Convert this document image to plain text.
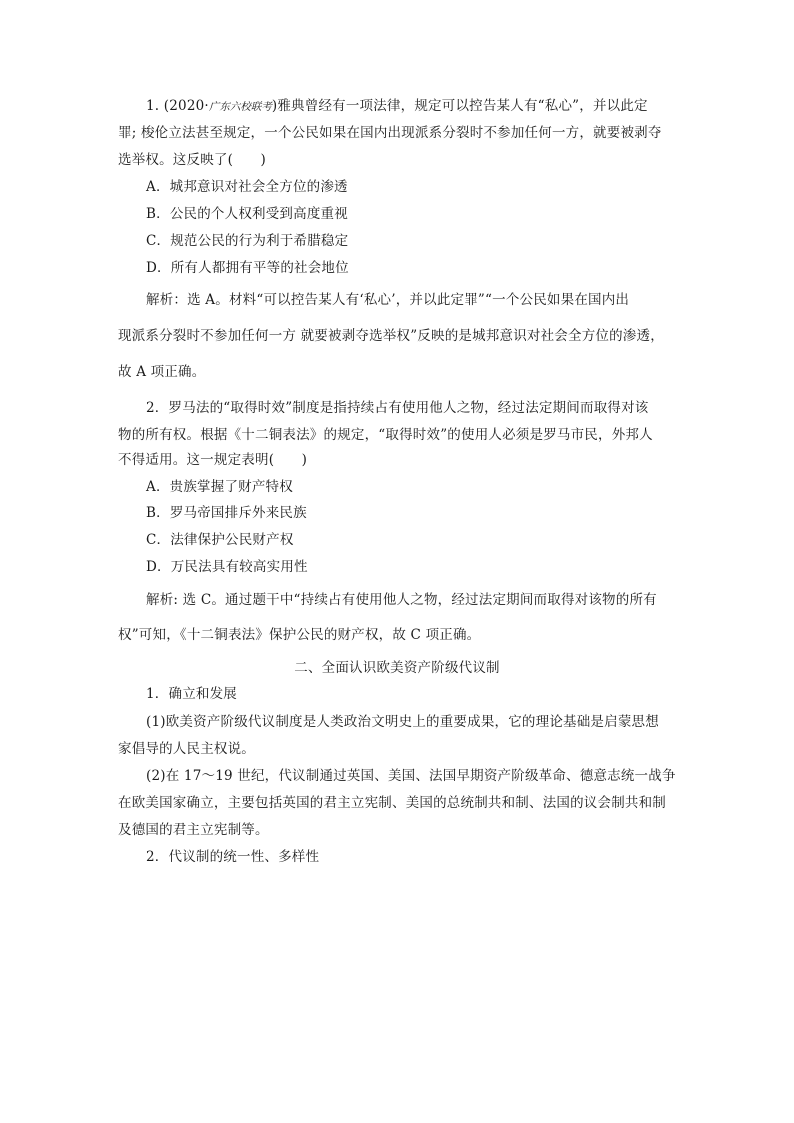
1. (2020·广东六校联考)雅典曾经有一项法律，规定可以控告某人有“私心”，并以此定
罪; 梭伦立法甚至规定，一个公民如果在国内出现派系分裂时不参加任何一方，就要被剥夺
选举权。这反映了(　　)
A．城邦意识对社会全方位的渗透
B．公民的个人权利受到高度重视
C．规范公民的行为利于希腊稳定
D．所有人都拥有平等的社会地位
解析：选 A。材料“可以控告某人有‘私心’，并以此定罪”“一个公民如果在国内出
现派系分裂时不参加任何一方 就要被剥夺选举权”反映的是城邦意识对社会全方位的渗透，
故 A 项正确。
2．罗马法的“取得时效”制度是指持续占有使用他人之物，经过法定期间而取得对该
物的所有权。根据《十二铜表法》的规定，“取得时效”的使用人必须是罗马市民，外邦人
不得适用。这一规定表明(　　)
A．贵族掌握了财产特权
B．罗马帝国排斥外来民族
C．法律保护公民财产权
D．万民法具有较高实用性
解析: 选 C。通过题干中“持续占有使用他人之物，经过法定期间而取得对该物的所有
权”可知，《十二铜表法》保护公民的财产权，故 C 项正确。
二、全面认识欧美资产阶级代议制
1．确立和发展
(1)欧美资产阶级代议制度是人类政治文明史上的重要成果，它的理论基础是启蒙思想
家倡导的人民主权说。
(2)在 17～19 世纪，代议制通过英国、美国、法国早期资产阶级革命、德意志统一战争
在欧美国家确立，主要包括英国的君主立宪制、美国的总统制共和制、法国的议会制共和制
及德国的君主立宪制等。
2．代议制的统一性、多样性
